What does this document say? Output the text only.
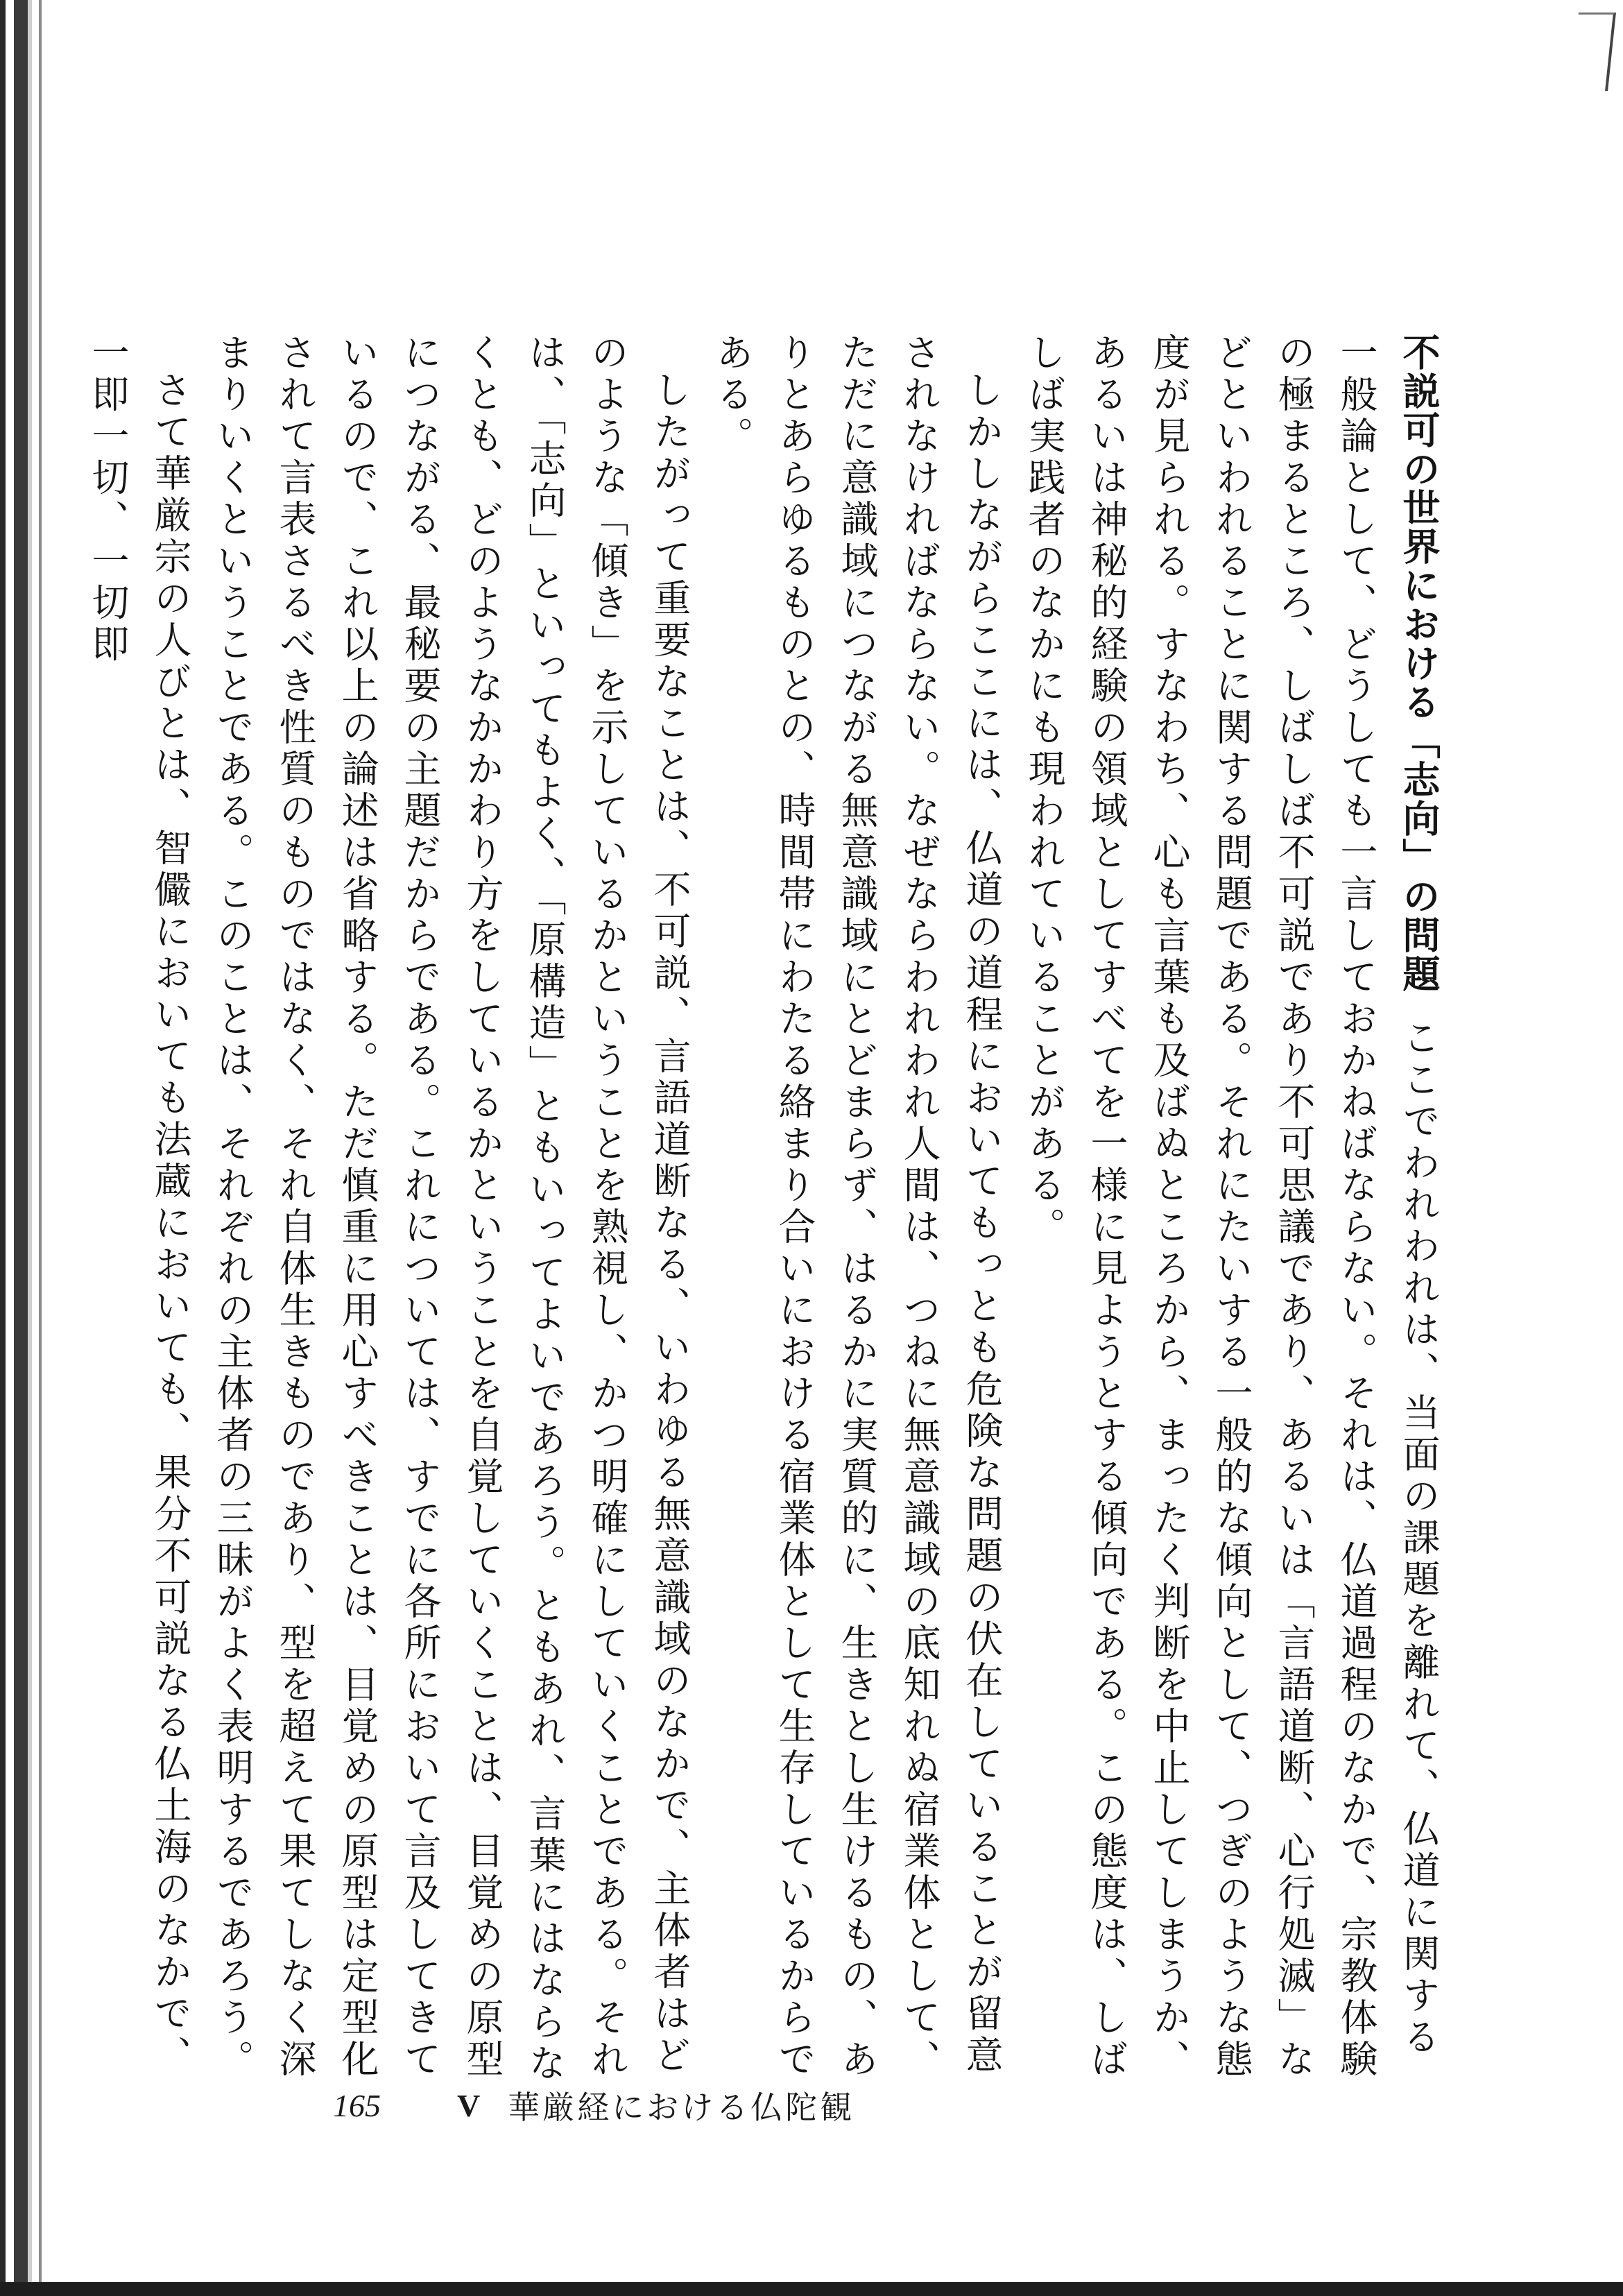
不説可の世界における「志向」の問題ここでわれわれは、当面の課題を離れて、仏道に関する一般論として、どうしても一言しておかねばならない。それは、仏道過程のなかで、宗教体験の極まるところ、しばしば不可説であり不可思議であり、あるいは「言語道断、心行処滅」などといわれることに関する問題である。それにたいする一般的な傾向として、つぎのような態度が見られる。すなわち、心も言葉も及ばぬところから、まったく判断を中止してしまうか、あるいは神秘的経験の領域としてすべてを一様に見ようとする傾向である。この態度は、しばしば実践者のなかにも現われていることがある。

しかしながらここには、仏道の道程においてもっとも危険な問題の伏在していることが留意されなければならない。なぜならわれわれ人間は、つねに無意識域の底知れぬ宿業体として、ただに意識域につながる無意識域にとどまらず、はるかに実質的に、生きとし生けるもの、ありとあらゆるものとの、時間帯にわたる絡まり合いにおける宿業体として生存しているからである。

したがって重要なことは、不可説、言語道断なる、いわゆる無意識域のなかで、主体者はどのような「傾き」を示しているかということを熟視し、かつ明確にしていくことである。それは、「志向」といってもよく、「原構造」ともいってよいであろう。ともあれ、言葉にはならなくとも、どのようなかかわり方をしているかということを自覚していくことは、目覚めの原型につながる、最秘要の主題だからである。これについては、すでに各所において言及してきているので、これ以上の論述は省略する。ただ慎重に用心すべきことは、目覚めの原型は定型化されて言表さるべき性質のものではなく、それ自体生きものであり、型を超えて果てしなく深まりいくということである。このことは、それぞれの主体者の三昧がよく表明するであろう。

さて華厳宗の人びとは、智儼においても法蔵においても、果分不可説なる仏土海のなかで、一即一切、一切即

165 V 華厳経における仏陀観
